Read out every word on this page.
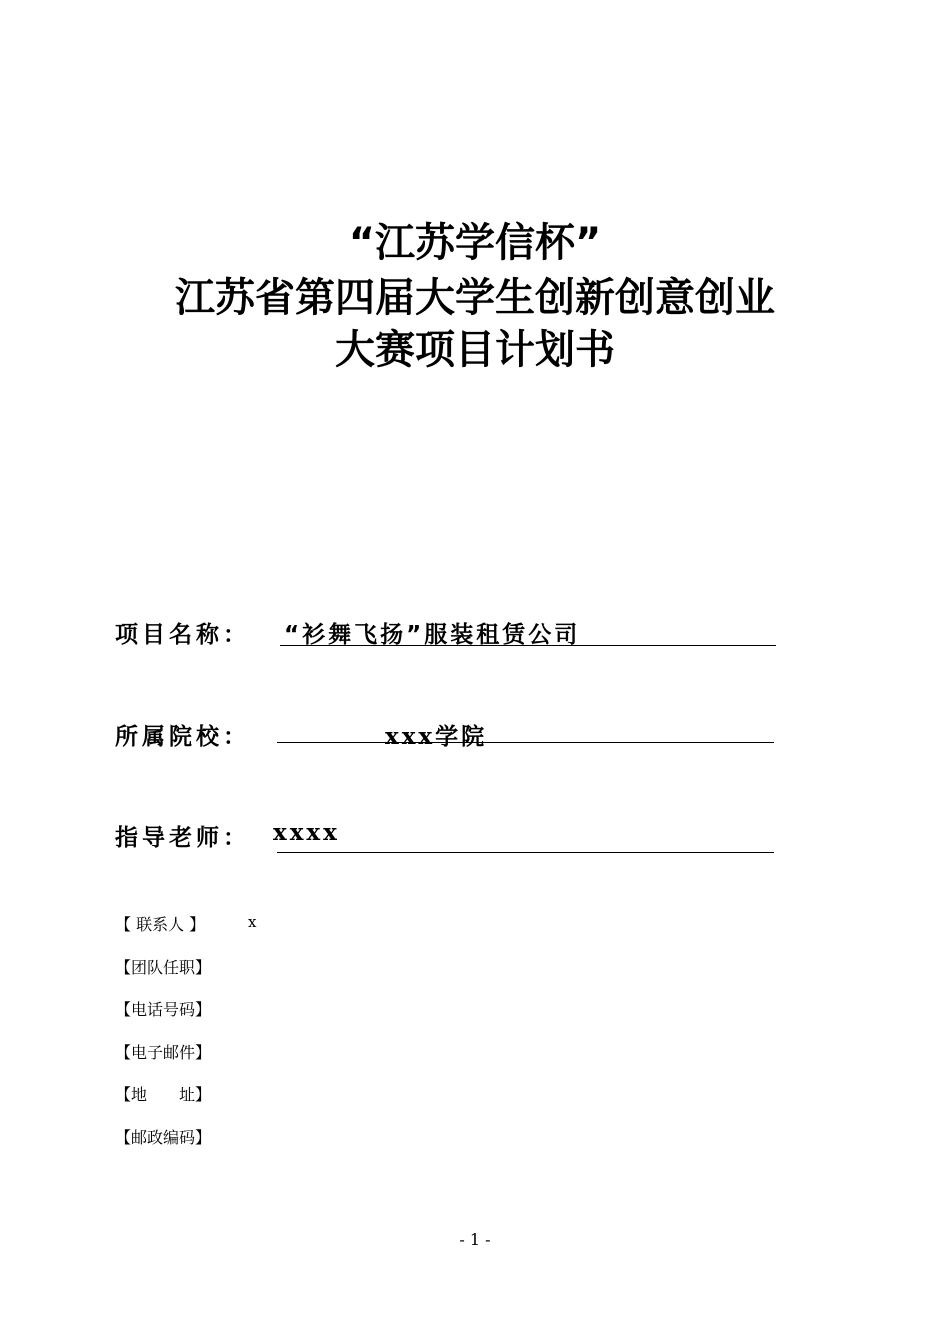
“江苏学信杯”
江苏省第四届大学生创新创意创业
大赛项目计划书
项目名称： “衫舞飞扬”服装租赁公司
所属院校：	xxx学院
指导老师： xxxx
【 联系人 】	x
【团队任职】
【电话号码】
【电子邮件】
【地　　址】
【邮政编码】
- 1 -
